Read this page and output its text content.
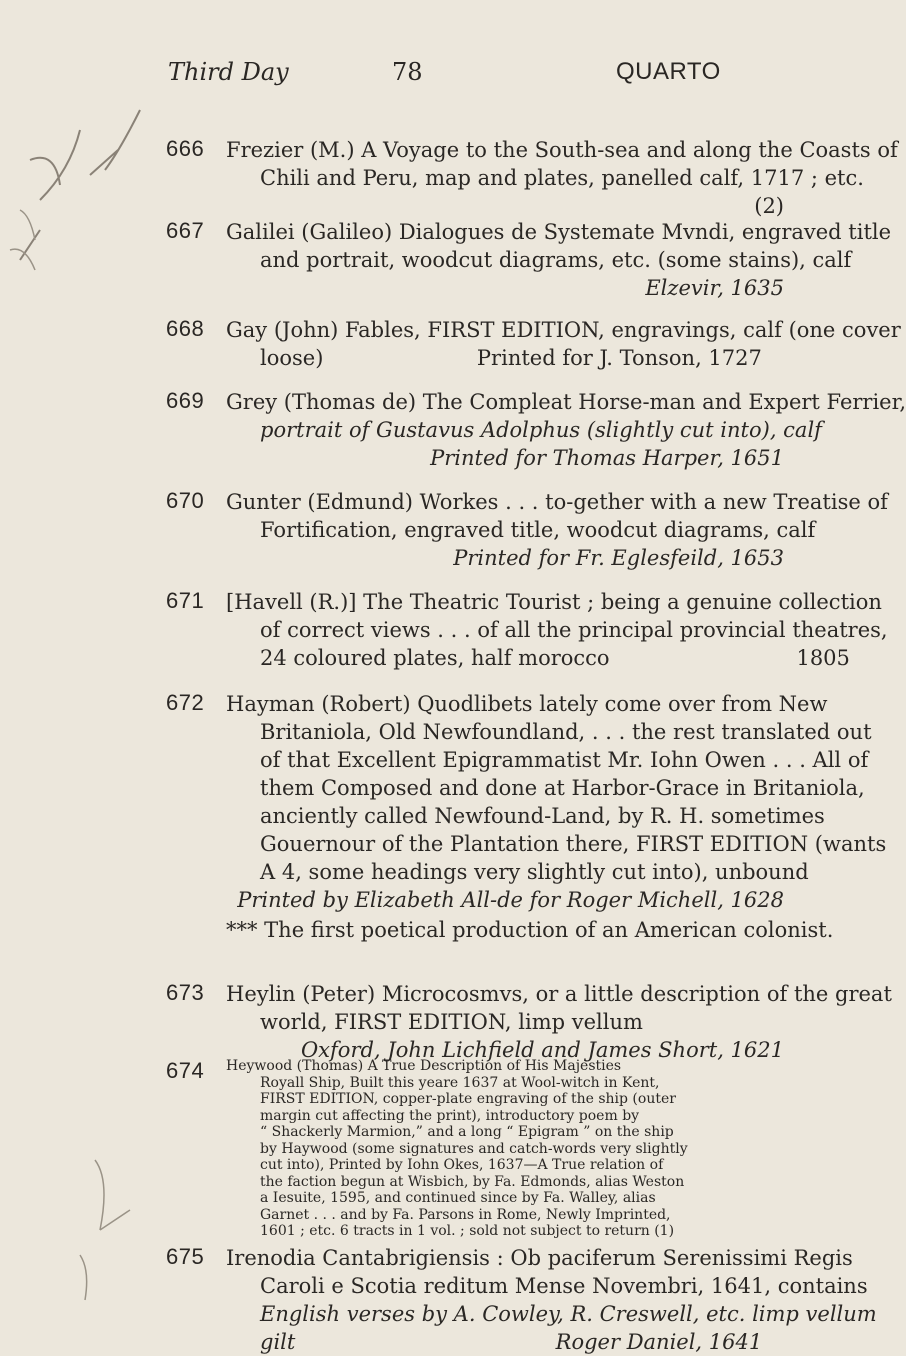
Third Day	78	QUARTO
666 Frezier (M.) A Voyage to the South-sea and along the Coasts of
Chili and Peru, map and plates, panelled calf, 1717 ; etc.
(2)
667 Galilei (Galileo) Dialogues de Systemate Mvndi, engraved title
and portrait, woodcut diagrams, etc. (some stains), calf
Elzevir, 1635
668 Gay (John) Fables, FIRST EDITION, engravings, calf (one cover
loose)                       Printed for J. Tonson, 1727
669 Grey (Thomas de) The Compleat Horse-man and Expert Ferrier,
portrait of Gustavus Adolphus (slightly cut into), calf
Printed for Thomas Harper, 1651
670 Gunter (Edmund) Workes . . . to-gether with a new Treatise of
Fortification, engraved title, woodcut diagrams, calf
Printed for Fr. Eglesfeild, 1653
671 [Havell (R.)] The Theatric Tourist ; being a genuine collection
of correct views . . . of all the principal provincial theatres,
24 coloured plates, half morocco                            1805
672 Hayman (Robert) Quodlibets lately come over from New
Britaniola, Old Newfoundland, . . . the rest translated out
of that Excellent Epigrammatist Mr. Iohn Owen . . . All of
them Composed and done at Harbor-Grace in Britaniola,
anciently called Newfound-Land, by R. H. sometimes
Gouernour of the Plantation there, FIRST EDITION (wants
A 4, some headings very slightly cut into), unbound
Printed by Elizabeth All-de for Roger Michell, 1628
*** The first poetical production of an American colonist.
673 Heylin (Peter) Microcosmvs, or a little description of the great
world, FIRST EDITION, limp vellum
Oxford, John Lichfield and James Short, 1621
674 Heywood (Thomas) A True Description of His Majesties
Royall Ship, Built this yeare 1637 at Wool-witch in Kent,
FIRST EDITION, copper-plate engraving of the ship (outer
margin cut affecting the print), introductory poem by
“ Shackerly Marmion,” and a long “ Epigram ” on the ship
by Haywood (some signatures and catch-words very slightly
cut into), Printed by Iohn Okes, 1637—A True relation of
the faction begun at Wisbich, by Fa. Edmonds, alias Weston
a Iesuite, 1595, and continued since by Fa. Walley, alias
Garnet . . . and by Fa. Parsons in Rome, Newly Imprinted,
1601 ; etc. 6 tracts in 1 vol. ; sold not subject to return (1)
675 Irenodia Cantabrigiensis : Ob paciferum Serenissimi Regis
Caroli e Scotia reditum Mense Novembri, 1641, contains
English verses by A. Cowley, R. Creswell, etc. limp vellum
gilt                                       Roger Daniel, 1641
